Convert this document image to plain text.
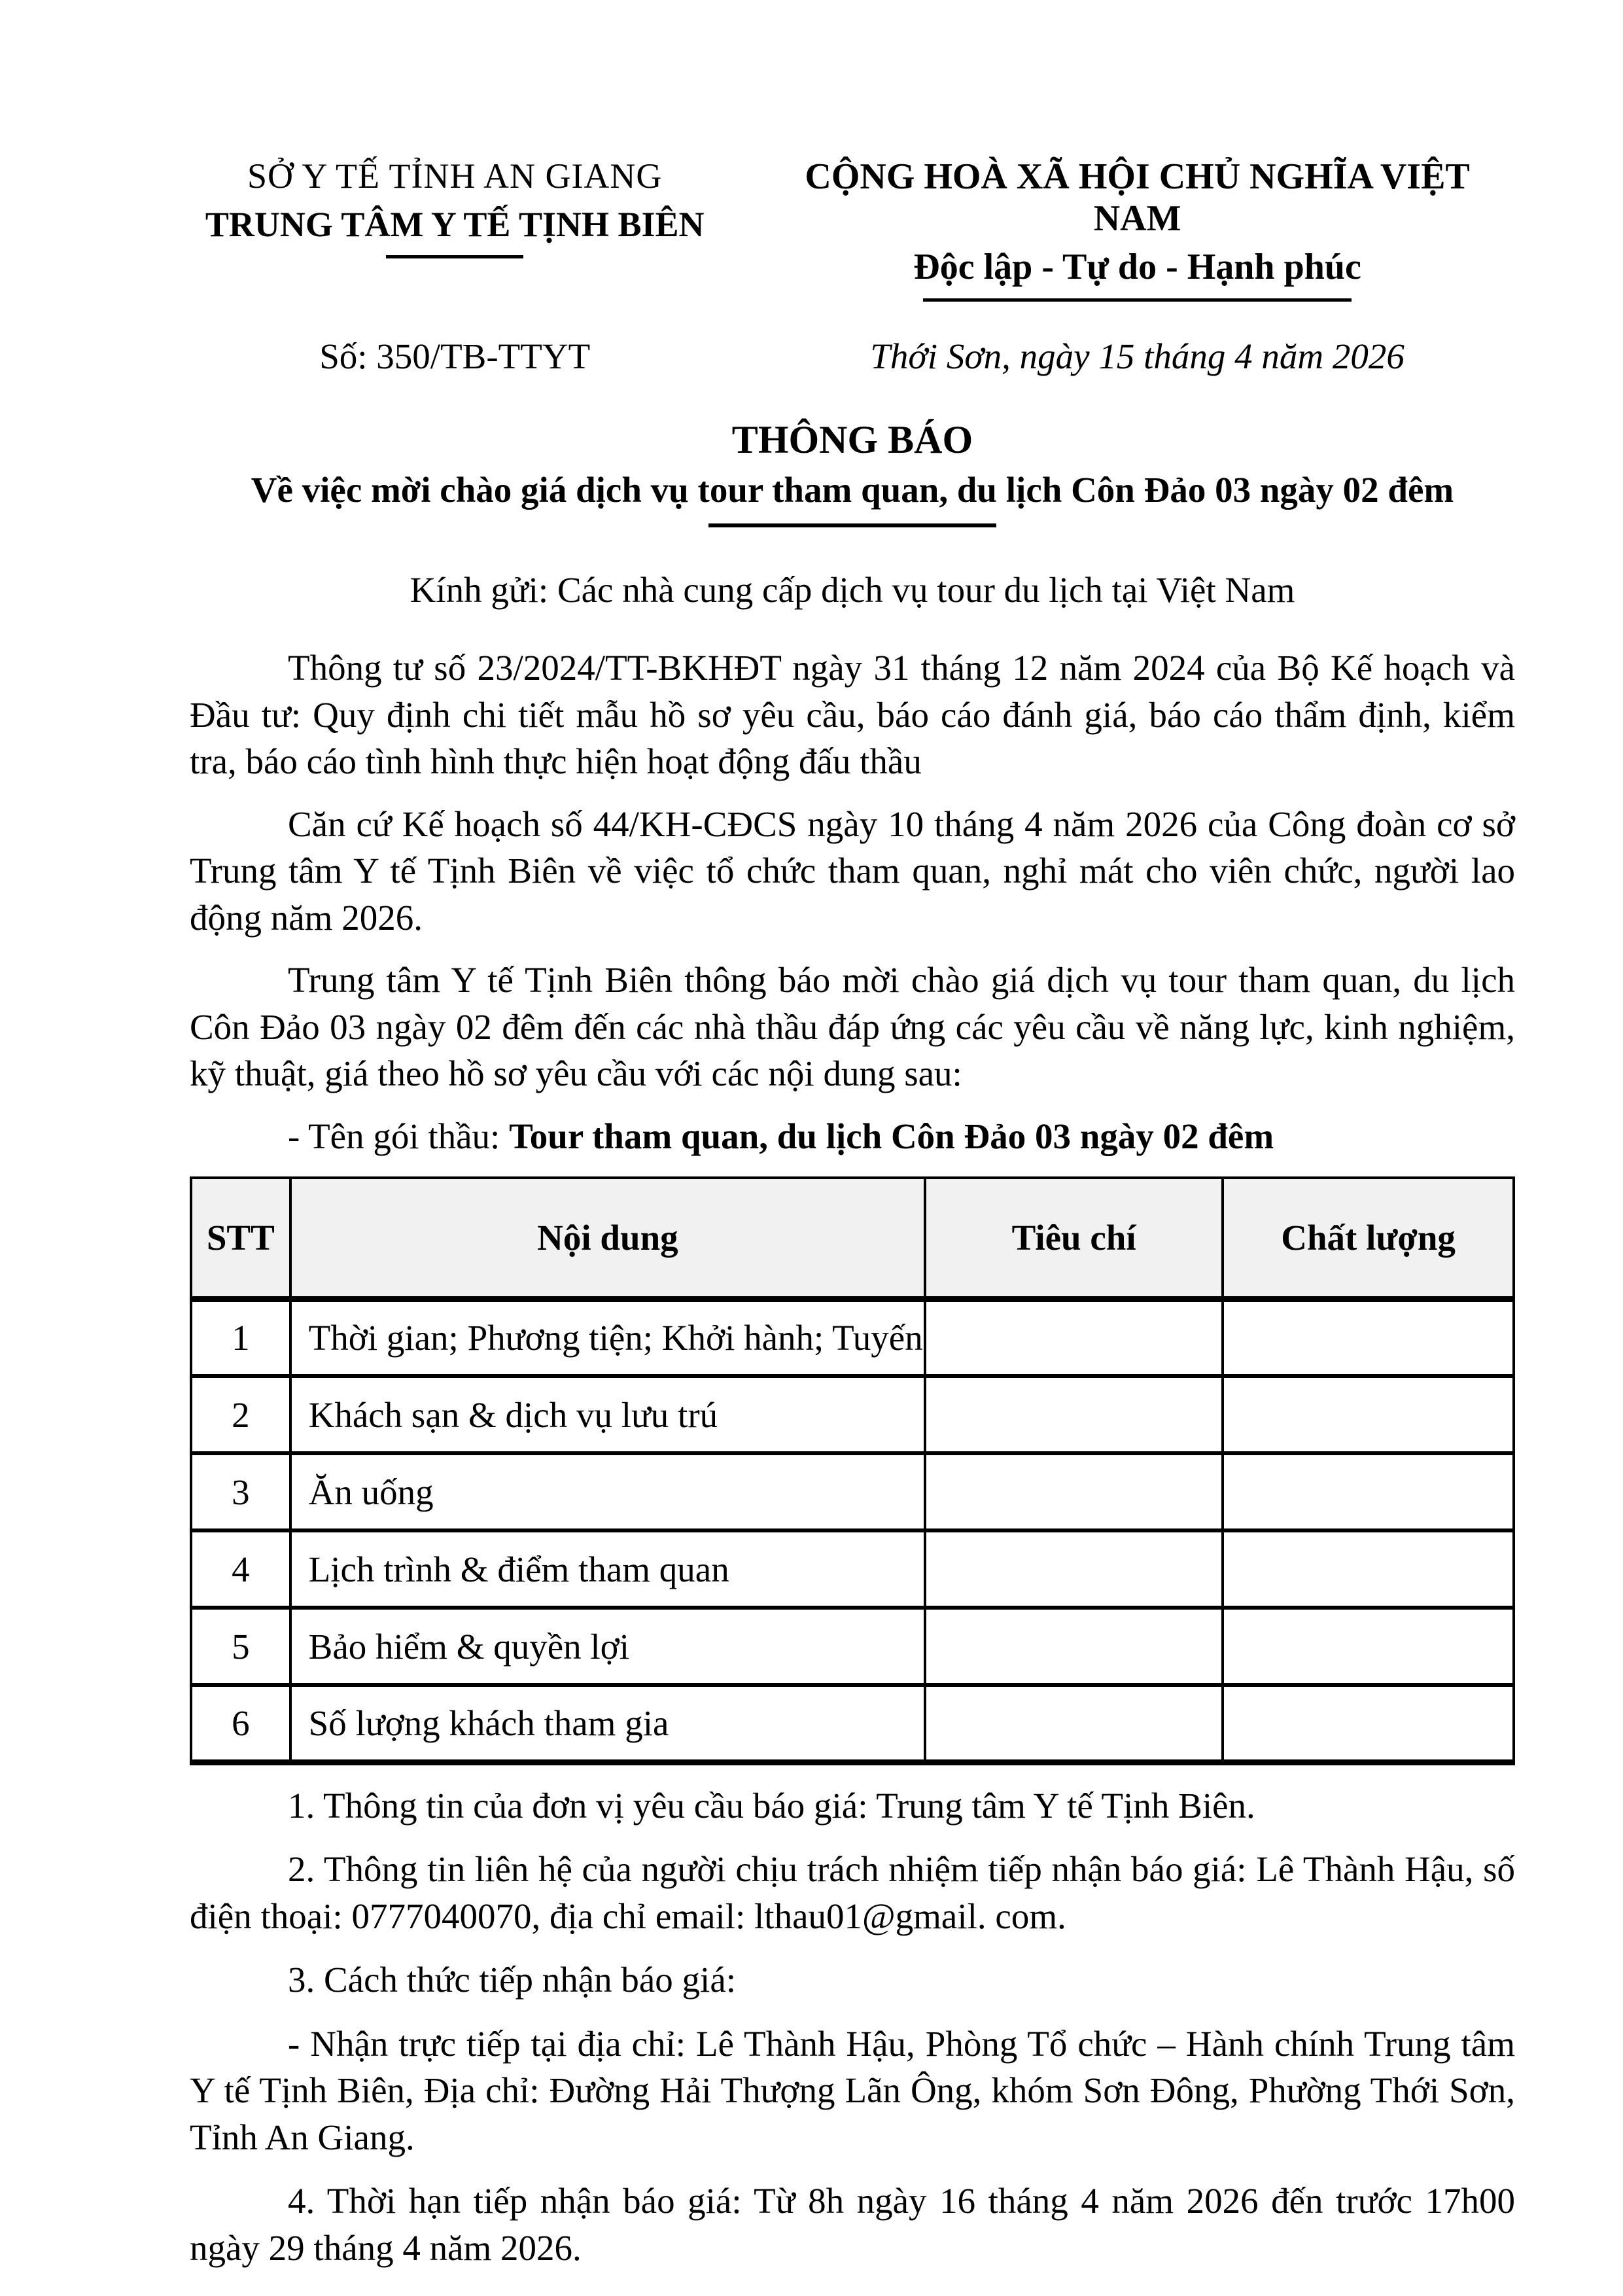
SỞ Y TẾ TỈNH AN GIANG
TRUNG TÂM Y TẾ TỊNH BIÊN
CỘNG HOÀ XÃ HỘI CHỦ NGHĨA VIỆT NAM
Độc lập - Tự do - Hạnh phúc
Số: 350/TB-TTYT	Thới Sơn, ngày 15 tháng 4 năm 2026
THÔNG BÁO
Về việc mời chào giá dịch vụ tour tham quan, du lịch Côn Đảo 03 ngày 02 đêm
Kính gửi: Các nhà cung cấp dịch vụ tour du lịch tại Việt Nam

Thông tư số 23/2024/TT-BKHĐT ngày 31 tháng 12 năm 2024 của Bộ Kế hoạch và Đầu tư: Quy định chi tiết mẫu hồ sơ yêu cầu, báo cáo đánh giá, báo cáo thẩm định, kiểm tra, báo cáo tình hình thực hiện hoạt động đấu thầu

Căn cứ Kế hoạch số 44/KH-CĐCS ngày 10 tháng 4 năm 2026 của Công đoàn cơ sở Trung tâm Y tế Tịnh Biên về việc tổ chức tham quan, nghỉ mát cho viên chức, người lao động năm 2026.

Trung tâm Y tế Tịnh Biên thông báo mời chào giá dịch vụ tour tham quan, du lịch Côn Đảo 03 ngày 02 đêm đến các nhà thầu đáp ứng các yêu cầu về năng lực, kinh nghiệm, kỹ thuật, giá theo hồ sơ yêu cầu với các nội dung sau:

- Tên gói thầu: Tour tham quan, du lịch Côn Đảo 03 ngày 02 đêm

STT	Nội dung	Tiêu chí	Chất lượng
1	Thời gian; Phương tiện; Khởi hành; Tuyến		
2	Khách sạn & dịch vụ lưu trú		
3	Ăn uống		
4	Lịch trình & điểm tham quan		
5	Bảo hiểm & quyền lợi		
6	Số lượng khách tham gia		

1. Thông tin của đơn vị yêu cầu báo giá: Trung tâm Y tế Tịnh Biên.

2. Thông tin liên hệ của người chịu trách nhiệm tiếp nhận báo giá: Lê Thành Hậu, số điện thoại: 0777040070, địa chỉ email: lthau01@gmail. com.

3. Cách thức tiếp nhận báo giá:

- Nhận trực tiếp tại địa chỉ: Lê Thành Hậu, Phòng Tổ chức – Hành chính Trung tâm Y tế Tịnh Biên, Địa chỉ: Đường Hải Thượng Lãn Ông, khóm Sơn Đông, Phường Thới Sơn, Tỉnh An Giang.

4. Thời hạn tiếp nhận báo giá: Từ 8h ngày 16 tháng 4 năm 2026 đến trước 17h00 ngày 29 tháng 4 năm 2026.
